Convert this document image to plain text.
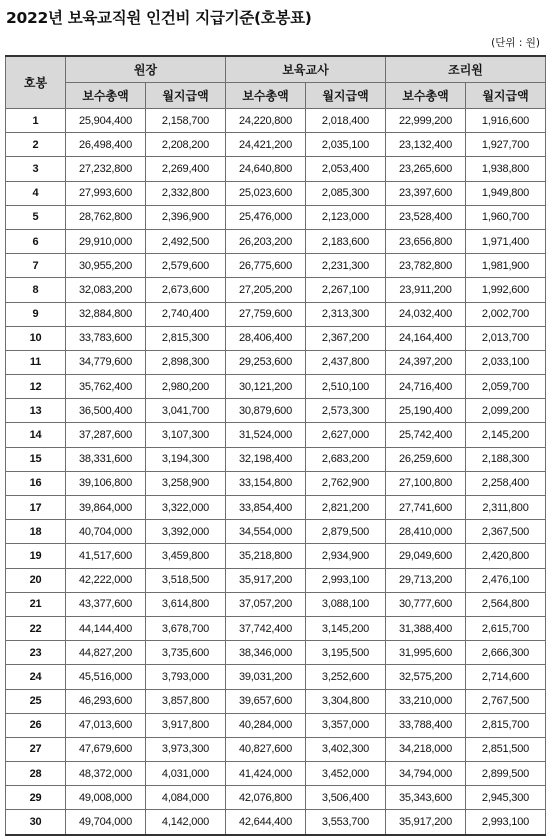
2022년 보육교직원 인건비 지급기준(호봉표)
(단위 : 원)
호봉	원장		보육교사		조리원	
	보수총액	월지급액	보수총액	월지급액	보수총액	월지급액
1	25,904,400	2,158,700	24,220,800	2,018,400	22,999,200	1,916,600
2	26,498,400	2,208,200	24,421,200	2,035,100	23,132,400	1,927,700
3	27,232,800	2,269,400	24,640,800	2,053,400	23,265,600	1,938,800
4	27,993,600	2,332,800	25,023,600	2,085,300	23,397,600	1,949,800
5	28,762,800	2,396,900	25,476,000	2,123,000	23,528,400	1,960,700
6	29,910,000	2,492,500	26,203,200	2,183,600	23,656,800	1,971,400
7	30,955,200	2,579,600	26,775,600	2,231,300	23,782,800	1,981,900
8	32,083,200	2,673,600	27,205,200	2,267,100	23,911,200	1,992,600
9	32,884,800	2,740,400	27,759,600	2,313,300	24,032,400	2,002,700
10	33,783,600	2,815,300	28,406,400	2,367,200	24,164,400	2,013,700
11	34,779,600	2,898,300	29,253,600	2,437,800	24,397,200	2,033,100
12	35,762,400	2,980,200	30,121,200	2,510,100	24,716,400	2,059,700
13	36,500,400	3,041,700	30,879,600	2,573,300	25,190,400	2,099,200
14	37,287,600	3,107,300	31,524,000	2,627,000	25,742,400	2,145,200
15	38,331,600	3,194,300	32,198,400	2,683,200	26,259,600	2,188,300
16	39,106,800	3,258,900	33,154,800	2,762,900	27,100,800	2,258,400
17	39,864,000	3,322,000	33,854,400	2,821,200	27,741,600	2,311,800
18	40,704,000	3,392,000	34,554,000	2,879,500	28,410,000	2,367,500
19	41,517,600	3,459,800	35,218,800	2,934,900	29,049,600	2,420,800
20	42,222,000	3,518,500	35,917,200	2,993,100	29,713,200	2,476,100
21	43,377,600	3,614,800	37,057,200	3,088,100	30,777,600	2,564,800
22	44,144,400	3,678,700	37,742,400	3,145,200	31,388,400	2,615,700
23	44,827,200	3,735,600	38,346,000	3,195,500	31,995,600	2,666,300
24	45,516,000	3,793,000	39,031,200	3,252,600	32,575,200	2,714,600
25	46,293,600	3,857,800	39,657,600	3,304,800	33,210,000	2,767,500
26	47,013,600	3,917,800	40,284,000	3,357,000	33,788,400	2,815,700
27	47,679,600	3,973,300	40,827,600	3,402,300	34,218,000	2,851,500
28	48,372,000	4,031,000	41,424,000	3,452,000	34,794,000	2,899,500
29	49,008,000	4,084,000	42,076,800	3,506,400	35,343,600	2,945,300
30	49,704,000	4,142,000	42,644,400	3,553,700	35,917,200	2,993,100
